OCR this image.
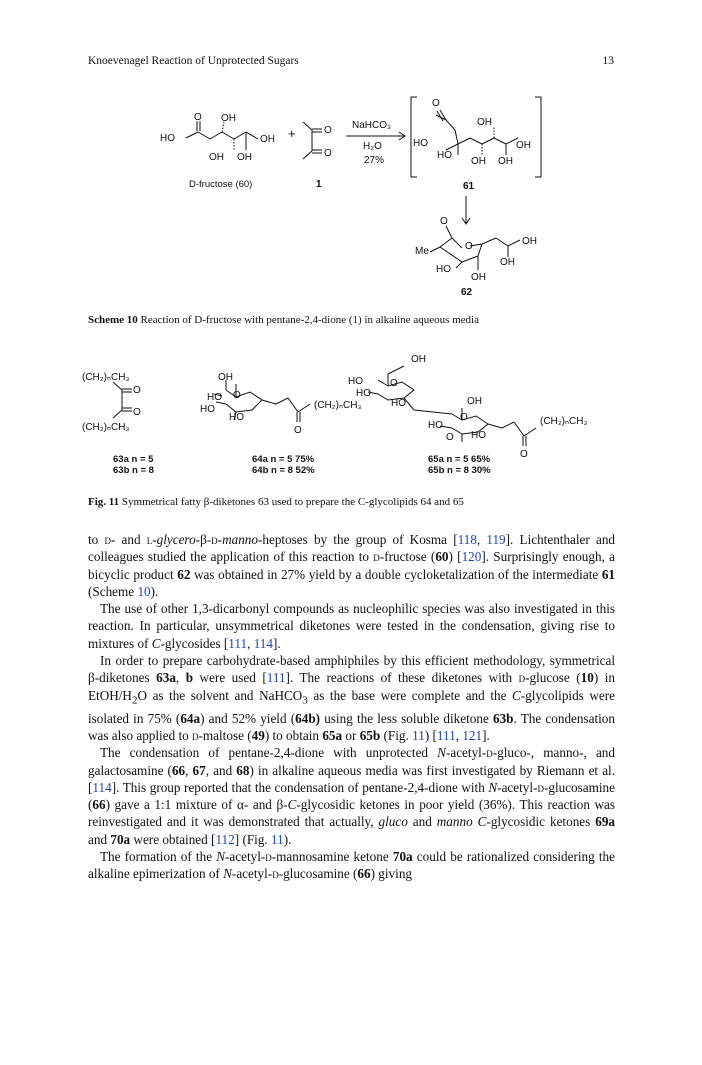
Knoevenagel Reaction of Unprotected Sugars	13
HO
O OH
OH
OH OH
+	O
O
O
OH
OH
HO
HO
OH OH
O
O
Me
OH
OH
HO
OH
NaHCO₃
H₂O
27%
D-fructose (60)	1	61
62
(CH₂)ₙCH₃
O
O
(CH₂)ₙCH₃
OH
HO
HO
O
HO
O
(CH₂)ₙCH₃
OH
HO
HO
O
HO
O
OH
HO
O HO
O
(CH₂)ₙCH₃
63a n = 5
63b n = 8
64a n = 5 75%
64b n = 8 52%
65a n = 5 65%
65b n = 8 30%
Scheme 10 Reaction of D-fructose with pentane-2,4-dione (1) in alkaline aqueous media
Fig. 11 Symmetrical fatty β-diketones 63 used to prepare the C-glycolipids 64 and 65

to d- and l-glycero-β-d-manno-heptoses by the group of Kosma [118, 119]. Lichtenthaler and colleagues studied the application of this reaction to d-fructose (60) [120]. Surprisingly enough, a bicyclic product 62 was obtained in 27% yield by a double cycloketalization of the intermediate 61 (Scheme 10).

The use of other 1,3-dicarbonyl compounds as nucleophilic species was also investigated in this reaction. In particular, unsymmetrical diketones were tested in the condensation, giving rise to mixtures of C-glycosides [111, 114].

In order to prepare carbohydrate-based amphiphiles by this efficient methodology, symmetrical β-diketones 63a, b were used [111]. The reactions of these diketones with d-glucose (10) in EtOH/$H_2O$ as the solvent and NaHCO$_3$ as the base were complete and the C-glycolipids were isolated in 75% (64a) and 52% yield (64b) using the less soluble diketone 63b. The condensation was also applied to d-maltose (49) to obtain 65a or 65b (Fig. 11) [111, 121].

The condensation of pentane-2,4-dione with unprotected N-acetyl-d-gluco-, manno-, and galactosamine (66, 67, and 68) in alkaline aqueous media was first investigated by Riemann et al. [114]. This group reported that the condensation of pentane-2,4-dione with N-acetyl-d-glucosamine (66) gave a 1:1 mixture of α- and β-C-glycosidic ketones in poor yield (36%). This reaction was reinvestigated and it was demonstrated that actually, gluco and manno C-glycosidic ketones 69a and 70a were obtained [112] (Fig. 11).

The formation of the N-acetyl-d-mannosamine ketone 70a could be rationalized considering the alkaline epimerization of N-acetyl-d-glucosamine (66) giving
